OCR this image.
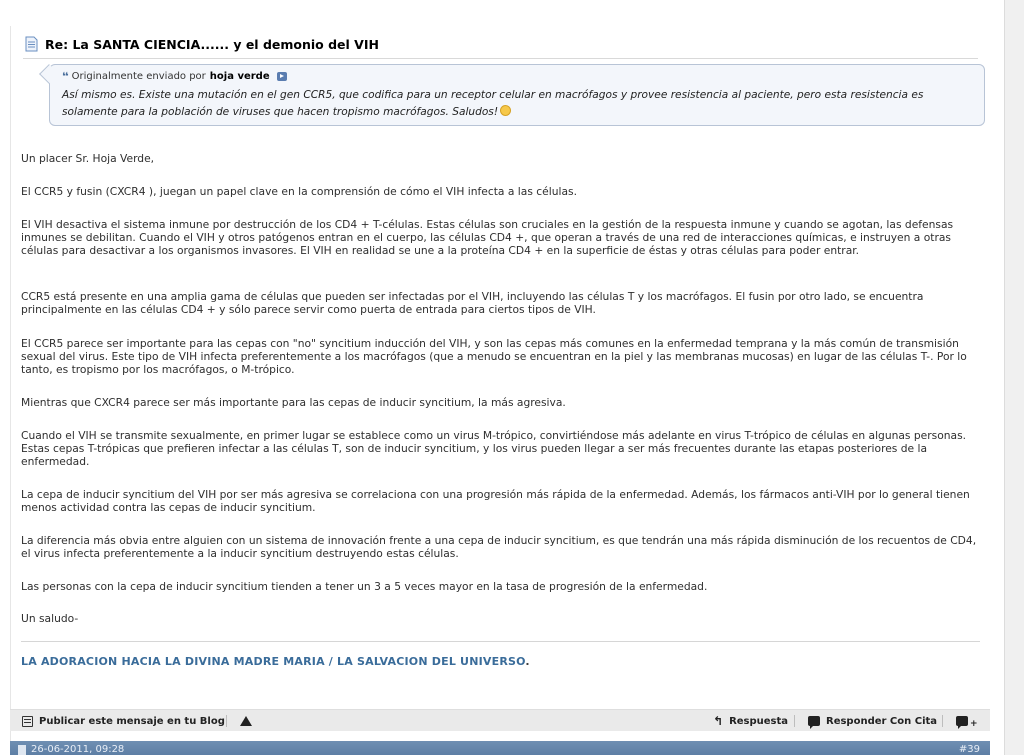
Re: La SANTA CIENCIA...... y el demonio del VIH
❛❛ Originalmente enviado por hoja verde
Así mismo es. Existe una mutación en el gen CCR5, que codifica para un receptor celular en macrófagos y provee resistencia al paciente, pero esta resistencia es solamente para la población de viruses que hacen tropismo macrófagos. Saludos!

Un placer Sr. Hoja Verde,

El CCR5 y fusin (CXCR4 ), juegan un papel clave en la comprensión de cómo el VIH infecta a las células.

El VIH desactiva el sistema inmune por destrucción de los CD4 + T-células. Estas células son cruciales en la gestión de la respuesta inmune y cuando se agotan, las defensas inmunes se debilitan. Cuando el VIH y otros patógenos entran en el cuerpo, las células CD4 +, que operan a través de una red de interacciones químicas, e instruyen a otras células para desactivar a los organismos invasores. El VIH en realidad se une a la proteína CD4 + en la superficie de éstas y otras células para poder entrar.

CCR5 está presente en una amplia gama de células que pueden ser infectadas por el VIH, incluyendo las células T y los macrófagos. El fusin por otro lado, se encuentra principalmente en las células CD4 + y sólo parece servir como puerta de entrada para ciertos tipos de VIH.

El CCR5 parece ser importante para las cepas con "no" syncitium inducción del VIH, y son las cepas más comunes en la enfermedad temprana y la más común de transmisión sexual del virus. Este tipo de VIH infecta preferentemente a los macrófagos (que a menudo se encuentran en la piel y las membranas mucosas) en lugar de las células T-. Por lo tanto, es tropismo por los macrófagos, o M-trópico.

Mientras que CXCR4 parece ser más importante para las cepas de inducir syncitium, la más agresiva.

Cuando el VIH se transmite sexualmente, en primer lugar se establece como un virus M-trópico, convirtiéndose más adelante en virus T-trópico de células en algunas personas. Estas cepas T-trópicas que prefieren infectar a las células T, son de inducir syncitium, y los virus pueden llegar a ser más frecuentes durante las etapas posteriores de la enfermedad.

La cepa de inducir syncitium del VIH por ser más agresiva se correlaciona con una progresión más rápida de la enfermedad. Además, los fármacos anti-VIH por lo general tienen menos actividad contra las cepas de inducir syncitium.

La diferencia más obvia entre alguien con un sistema de innovación frente a una cepa de inducir syncitium, es que tendrán una más rápida disminución de los recuentos de CD4, el virus infecta preferentemente a la inducir syncitium destruyendo estas células.

Las personas con la cepa de inducir syncitium tienden a tener un 3 a 5 veces mayor en la tasa de progresión de la enfermedad.

Un saludo-

LA ADORACION HACIA LA DIVINA MADRE MARIA / LA SALVACION DEL UNIVERSO.
Publicar este mensaje en tu Blog	↰ Respuesta	Responder Con Cita	+
26-06-2011, 09:28	#39
